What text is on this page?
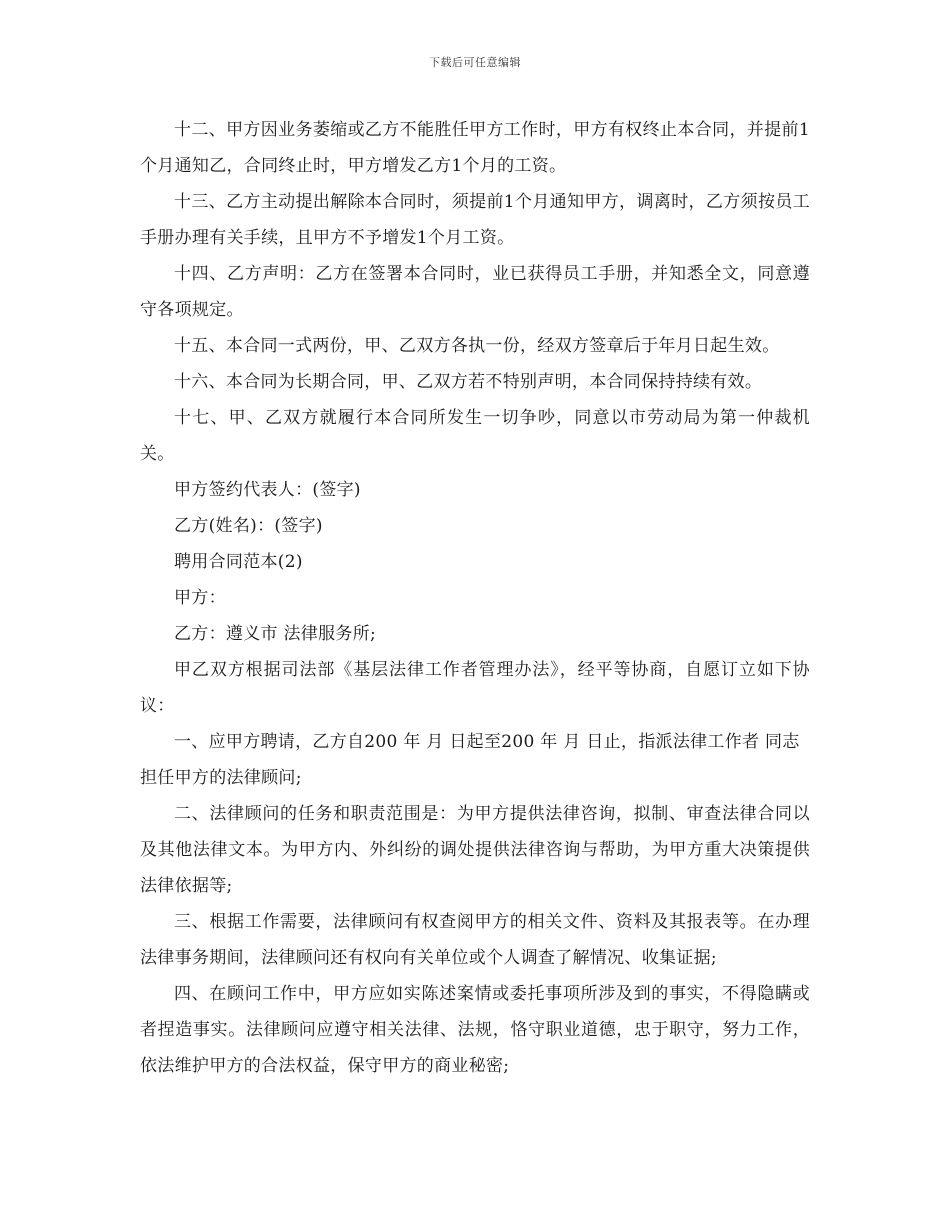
下载后可任意编辑

十二、甲方因业务萎缩或乙方不能胜任甲方工作时，甲方有权终止本合同，并提前1个月通知乙，合同终止时，甲方增发乙方1个月的工资。

十三、乙方主动提出解除本合同时，须提前1个月通知甲方，调离时，乙方须按员工手册办理有关手续，且甲方不予增发1个月工资。

十四、乙方声明：乙方在签署本合同时，业已获得员工手册，并知悉全文，同意遵守各项规定。

十五、本合同一式两份，甲、乙双方各执一份，经双方签章后于年月日起生效。

十六、本合同为长期合同，甲、乙双方若不特别声明，本合同保持持续有效。

十七、甲、乙双方就履行本合同所发生一切争吵，同意以市劳动局为第一仲裁机关。

甲方签约代表人：(签字)

乙方(姓名)：(签字)

聘用合同范本(2)

甲方：

乙方：遵义市 法律服务所;

甲乙双方根据司法部《基层法律工作者管理办法》，经平等协商，自愿订立如下协议：

一、应甲方聘请，乙方自200 年 月 日起至200 年 月 日止，指派法律工作者 同志担任甲方的法律顾问;

二、法律顾问的任务和职责范围是：为甲方提供法律咨询，拟制、审查法律合同以及其他法律文本。为甲方内、外纠纷的调处提供法律咨询与帮助，为甲方重大决策提供法律依据等;

三、根据工作需要，法律顾问有权查阅甲方的相关文件、资料及其报表等。在办理法律事务期间，法律顾问还有权向有关单位或个人调查了解情况、收集证据;

四、在顾问工作中，甲方应如实陈述案情或委托事项所涉及到的事实，不得隐瞒或者捏造事实。法律顾问应遵守相关法律、法规，恪守职业道德，忠于职守，努力工作，依法维护甲方的合法权益，保守甲方的商业秘密;
